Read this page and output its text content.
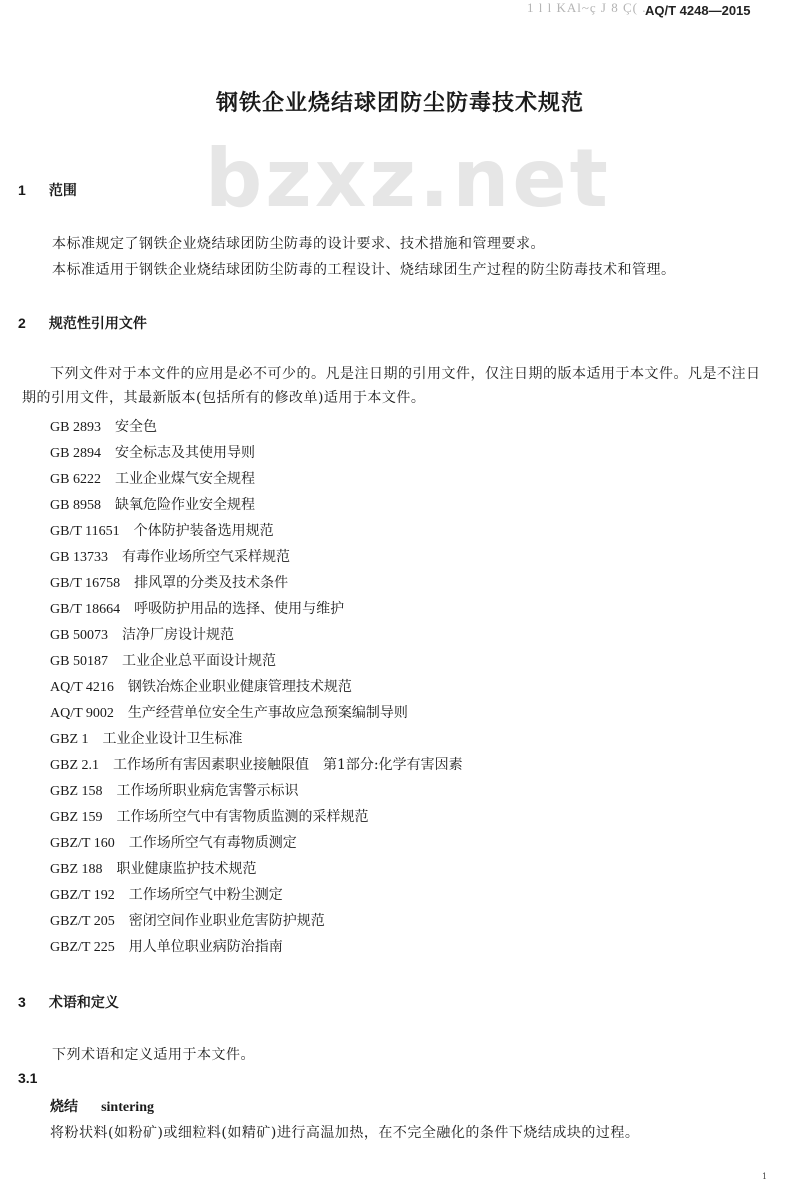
1 l l KAl~ç J 8 Ç( ...
AQ/T 4248—2015
bzxz.net
钢铁企业烧结球团防尘防毒技术规范
1 范围
本标准规定了钢铁企业烧结球团防尘防毒的设计要求、技术措施和管理要求。
本标准适用于钢铁企业烧结球团防尘防毒的工程设计、烧结球团生产过程的防尘防毒技术和管理。
2 规范性引用文件
下列文件对于本文件的应用是必不可少的。凡是注日期的引用文件，仅注日期的版本适用于本文件。凡是不注日期的引用文件，其最新版本(包括所有的修改单)适用于本文件。
GB 2893 安全色
GB 2894 安全标志及其使用导则
GB 6222 工业企业煤气安全规程
GB 8958 缺氧危险作业安全规程
GB/T 11651 个体防护装备选用规范
GB 13733 有毒作业场所空气采样规范
GB/T 16758 排风罩的分类及技术条件
GB/T 18664 呼吸防护用品的选择、使用与维护
GB 50073 洁净厂房设计规范
GB 50187 工业企业总平面设计规范
AQ/T 4216 钢铁冶炼企业职业健康管理技术规范
AQ/T 9002 生产经营单位安全生产事故应急预案编制导则
GBZ 1 工业企业设计卫生标准
GBZ 2.1 工作场所有害因素职业接触限值　第1部分:化学有害因素
GBZ 158 工作场所职业病危害警示标识
GBZ 159 工作场所空气中有害物质监测的采样规范
GBZ/T 160 工作场所空气有毒物质测定
GBZ 188 职业健康监护技术规范
GBZ/T 192 工作场所空气中粉尘测定
GBZ/T 205 密闭空间作业职业危害防护规范
GBZ/T 225 用人单位职业病防治指南
3 术语和定义
下列术语和定义适用于本文件。
3.1
烧结 sintering
将粉状料(如粉矿)或细粒料(如精矿)进行高温加热，在不完全融化的条件下烧结成块的过程。
1
